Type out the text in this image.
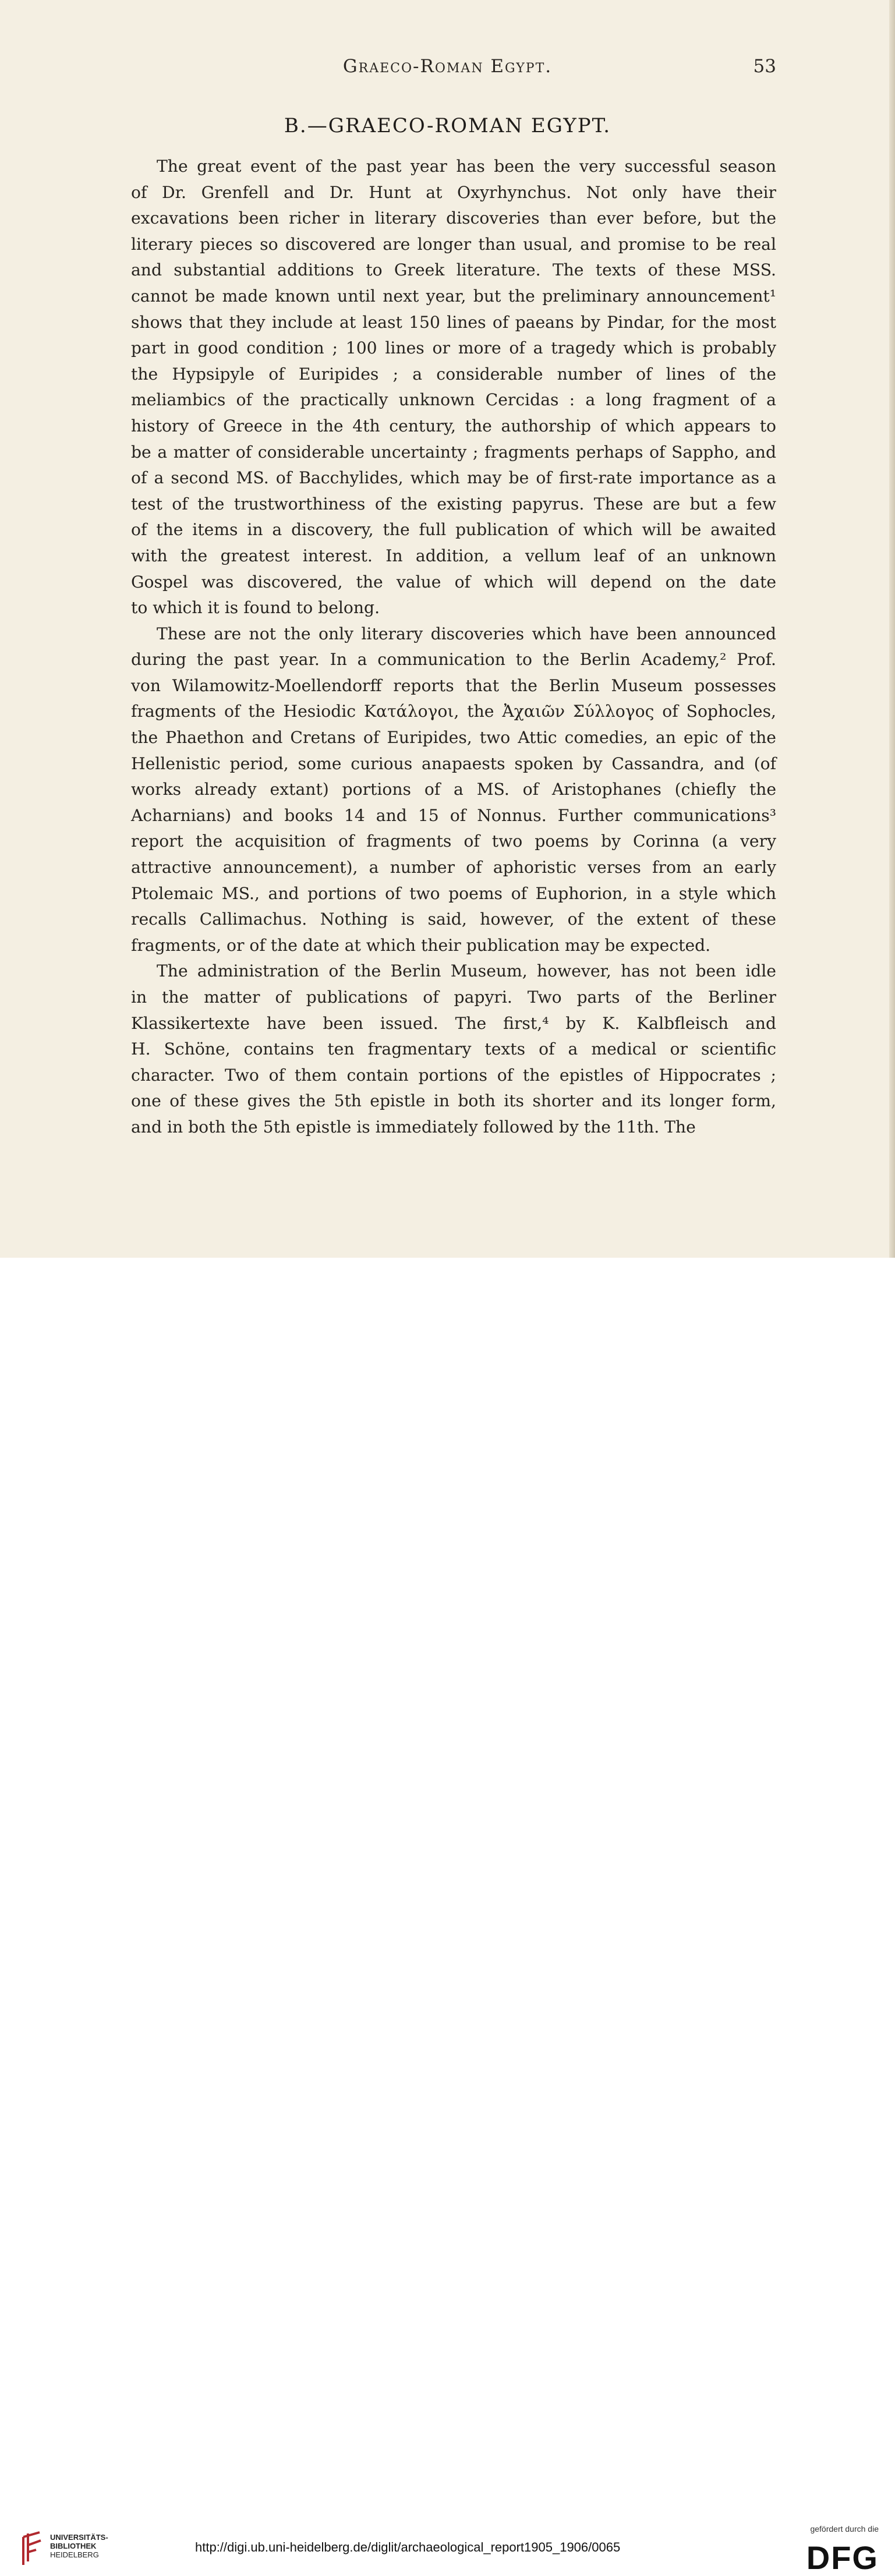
Graeco-Roman Egypt.	53
B.—GRAECO-ROMAN EGYPT.
The great event of the past year has been the very successful season
of Dr. Grenfell and Dr. Hunt at Oxyrhynchus. Not only have their
excavations been richer in literary discoveries than ever before, but the
literary pieces so discovered are longer than usual, and promise to be real
and substantial additions to Greek literature. The texts of these MSS.
cannot be made known until next year, but the preliminary announcement¹
shows that they include at least 150 lines of paeans by Pindar, for the most
part in good condition ; 100 lines or more of a tragedy which is probably
the Hypsipyle of Euripides ; a considerable number of lines of the
meliambics of the practically unknown Cercidas : a long fragment of a
history of Greece in the 4th century, the authorship of which appears to
be a matter of considerable uncertainty ; fragments perhaps of Sappho, and
of a second MS. of Bacchylides, which may be of first-rate importance as a
test of the trustworthiness of the existing papyrus. These are but a few
of the items in a discovery, the full publication of which will be awaited
with the greatest interest. In addition, a vellum leaf of an unknown
Gospel was discovered, the value of which will depend on the date
to which it is found to belong.
These are not the only literary discoveries which have been announced
during the past year. In a communication to the Berlin Academy,² Prof.
von Wilamowitz-Moellendorff reports that the Berlin Museum possesses
fragments of the Hesiodic Κατάλογοι, the Ἀχαιῶν Σύλλογος of Sophocles,
the Phaethon and Cretans of Euripides, two Attic comedies, an epic of the
Hellenistic period, some curious anapaests spoken by Cassandra, and (of
works already extant) portions of a MS. of Aristophanes (chiefly the
Acharnians) and books 14 and 15 of Nonnus. Further communications³
report the acquisition of fragments of two poems by Corinna (a very
attractive announcement), a number of aphoristic verses from an early
Ptolemaic MS., and portions of two poems of Euphorion, in a style which
recalls Callimachus. Nothing is said, however, of the extent of these
fragments, or of the date at which their publication may be expected.
The administration of the Berlin Museum, however, has not been idle
in the matter of publications of papyri. Two parts of the Berliner
Klassikertexte have been issued. The first,⁴ by K. Kalbfleisch and
H. Schöne, contains ten fragmentary texts of a medical or scientific
character. Two of them contain portions of the epistles of Hippocrates ;
one of these gives the 5th epistle in both its shorter and its longer form,
and in both the 5th epistle is immediately followed by the 11th. The
UNIVERSITÄTS-
BIBLIOTHEK
HEIDELBERG
http://digi.ub.uni-heidelberg.de/diglit/archaeological_report1905_1906/0065
gefördert durch die
DFG
